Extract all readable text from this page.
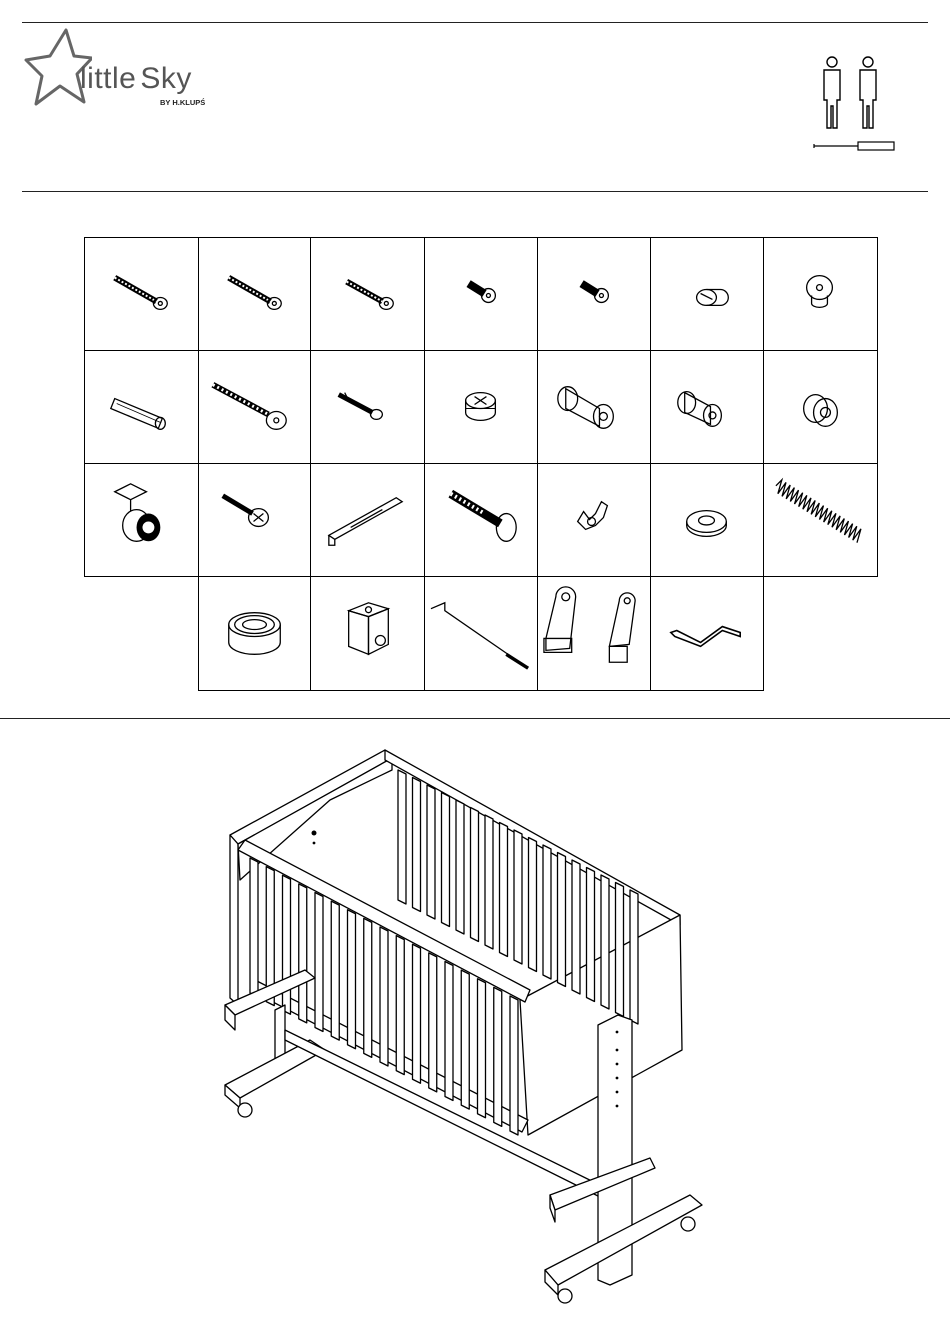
little Sky
BY H.KLUPŚ
